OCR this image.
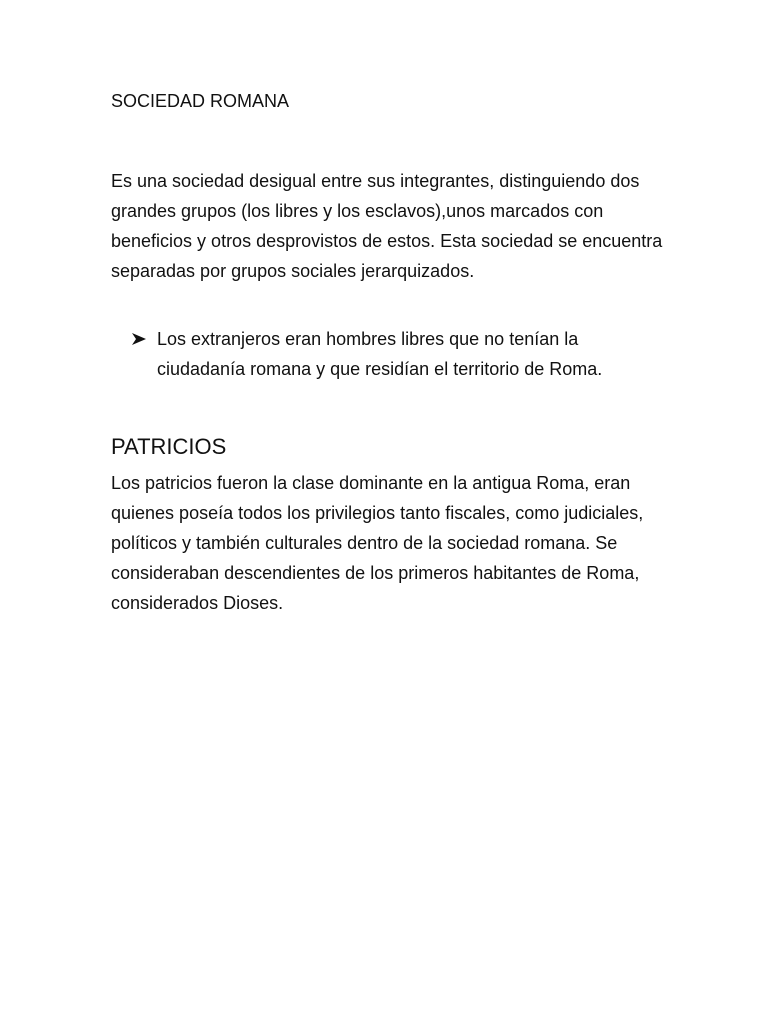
SOCIEDAD ROMANA

Es una sociedad desigual entre sus integrantes, distinguiendo dos grandes grupos (los libres y los esclavos),unos marcados con beneficios y otros desprovistos de estos. Esta sociedad se encuentra separadas por grupos sociales jerarquizados.

Los extranjeros eran hombres libres que no tenían la ciudadanía romana y que residían el territorio de Roma.
PATRICIOS

Los patricios fueron la clase dominante en la antigua Roma, eran quienes poseía todos los privilegios tanto fiscales, como judiciales, políticos y también culturales dentro de la sociedad romana. Se consideraban descendientes de los primeros habitantes de Roma, considerados Dioses.
